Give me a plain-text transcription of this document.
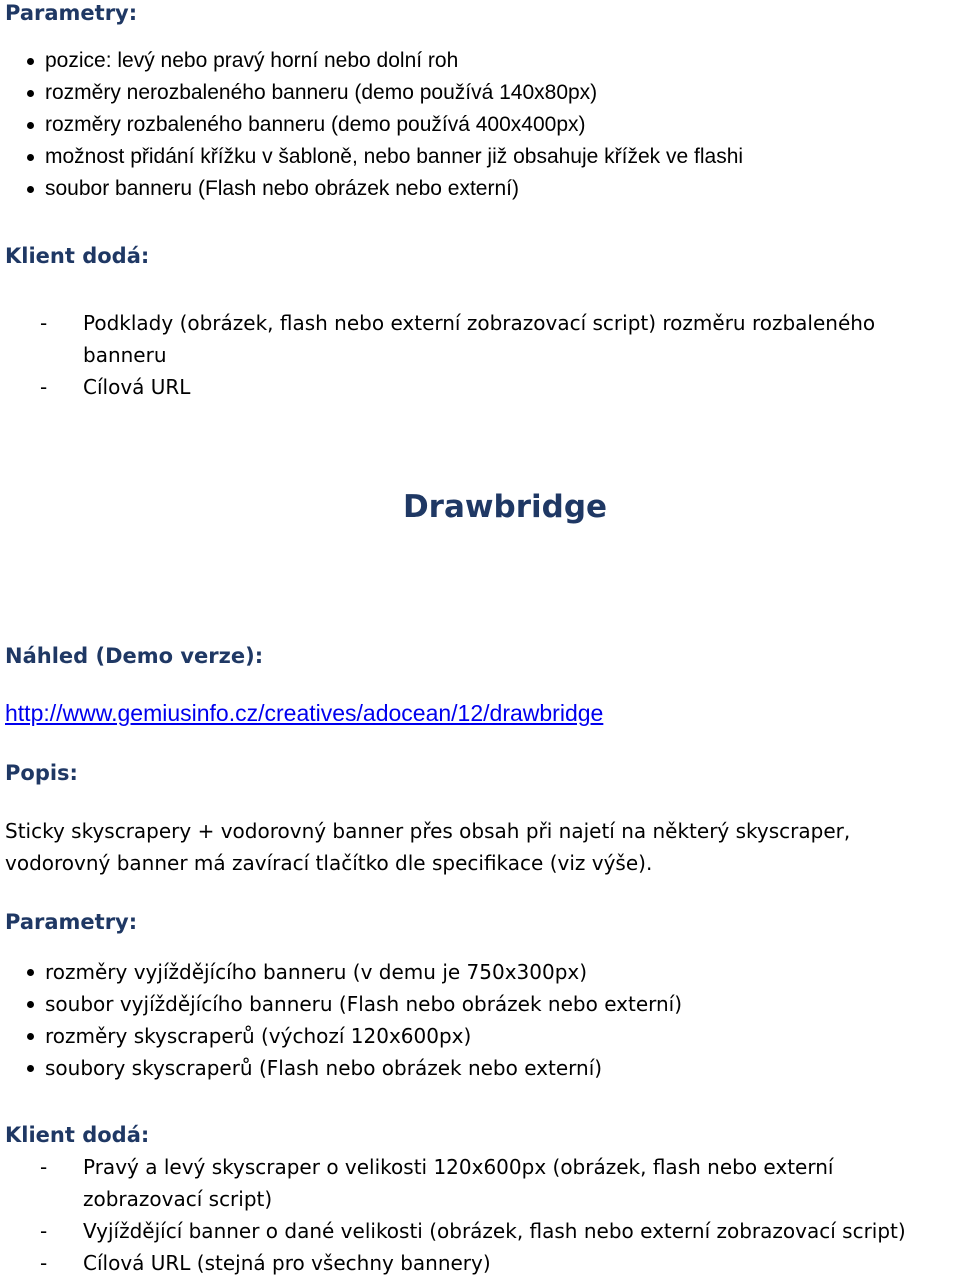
Parametry:
pozice: levý nebo pravý horní nebo dolní roh
rozměry nerozbaleného banneru (demo používá 140x80px)
rozměry rozbaleného banneru (demo používá 400x400px)
možnost přidání křížku v šabloně, nebo banner již obsahuje křížek ve flashi
soubor banneru (Flash nebo obrázek nebo externí)
Klient dodá:
- Podklady (obrázek, flash nebo externí zobrazovací script) rozměru rozbaleného banneru
- Cílová URL
Drawbridge
Náhled (Demo verze):
http://www.gemiusinfo.cz/creatives/adocean/12/drawbridge
Popis:
Sticky skyscrapery + vodorovný banner přes obsah při najetí na některý skyscraper, vodorovný banner má zavírací tlačítko dle specifikace (viz výše).
Parametry:
rozměry vyjíždějícího banneru (v demu je 750x300px)
soubor vyjíždějícího banneru (Flash nebo obrázek nebo externí)
rozměry skyscraperů (výchozí 120x600px)
soubory skyscraperů (Flash nebo obrázek nebo externí)
Klient dodá:
- Pravý a levý skyscraper o velikosti 120x600px (obrázek, flash nebo externí zobrazovací script)
- Vyjíždějící banner o dané velikosti (obrázek, flash nebo externí zobrazovací script)
- Cílová URL (stejná pro všechny bannery)
